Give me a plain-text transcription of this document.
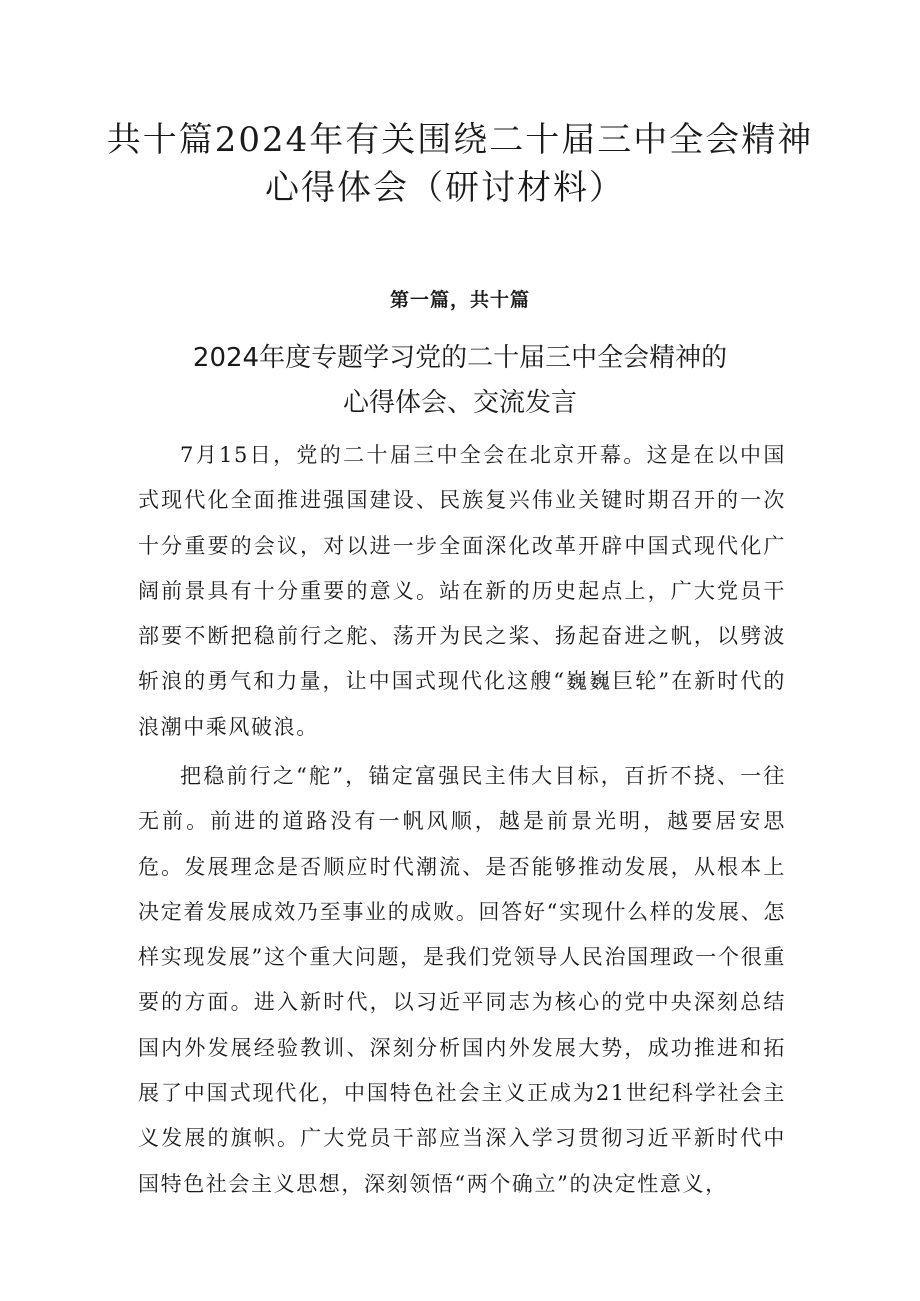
共十篇2024年有关围绕二十届三中全会精神
心得体会（研讨材料）
第一篇，共十篇
2024年度专题学习党的二十届三中全会精神的
心得体会、交流发言

7月15日，党的二十届三中全会在北京开幕。这是在以中国式现代化全面推进强国建设、民族复兴伟业关键时期召开的一次十分重要的会议，对以进一步全面深化改革开辟中国式现代化广阔前景具有十分重要的意义。站在新的历史起点上，广大党员干部要不断把稳前行之舵、荡开为民之桨、扬起奋进之帆，以劈波斩浪的勇气和力量，让中国式现代化这艘“巍巍巨轮”在新时代的浪潮中乘风破浪。

把稳前行之“舵”，锚定富强民主伟大目标，百折不挠、一往无前。前进的道路没有一帆风顺，越是前景光明，越要居安思危。发展理念是否顺应时代潮流、是否能够推动发展，从根本上决定着发展成效乃至事业的成败。回答好“实现什么样的发展、怎样实现发展”这个重大问题，是我们党领导人民治国理政一个很重要的方面。进入新时代，以习近平同志为核心的党中央深刻总结国内外发展经验教训、深刻分析国内外发展大势，成功推进和拓展了中国式现代化，中国特色社会主义正成为21世纪科学社会主义发展的旗帜。广大党员干部应当深入学习贯彻习近平新时代中国特色社会主义思想，深刻领悟“两个确立”的决定性意义，
